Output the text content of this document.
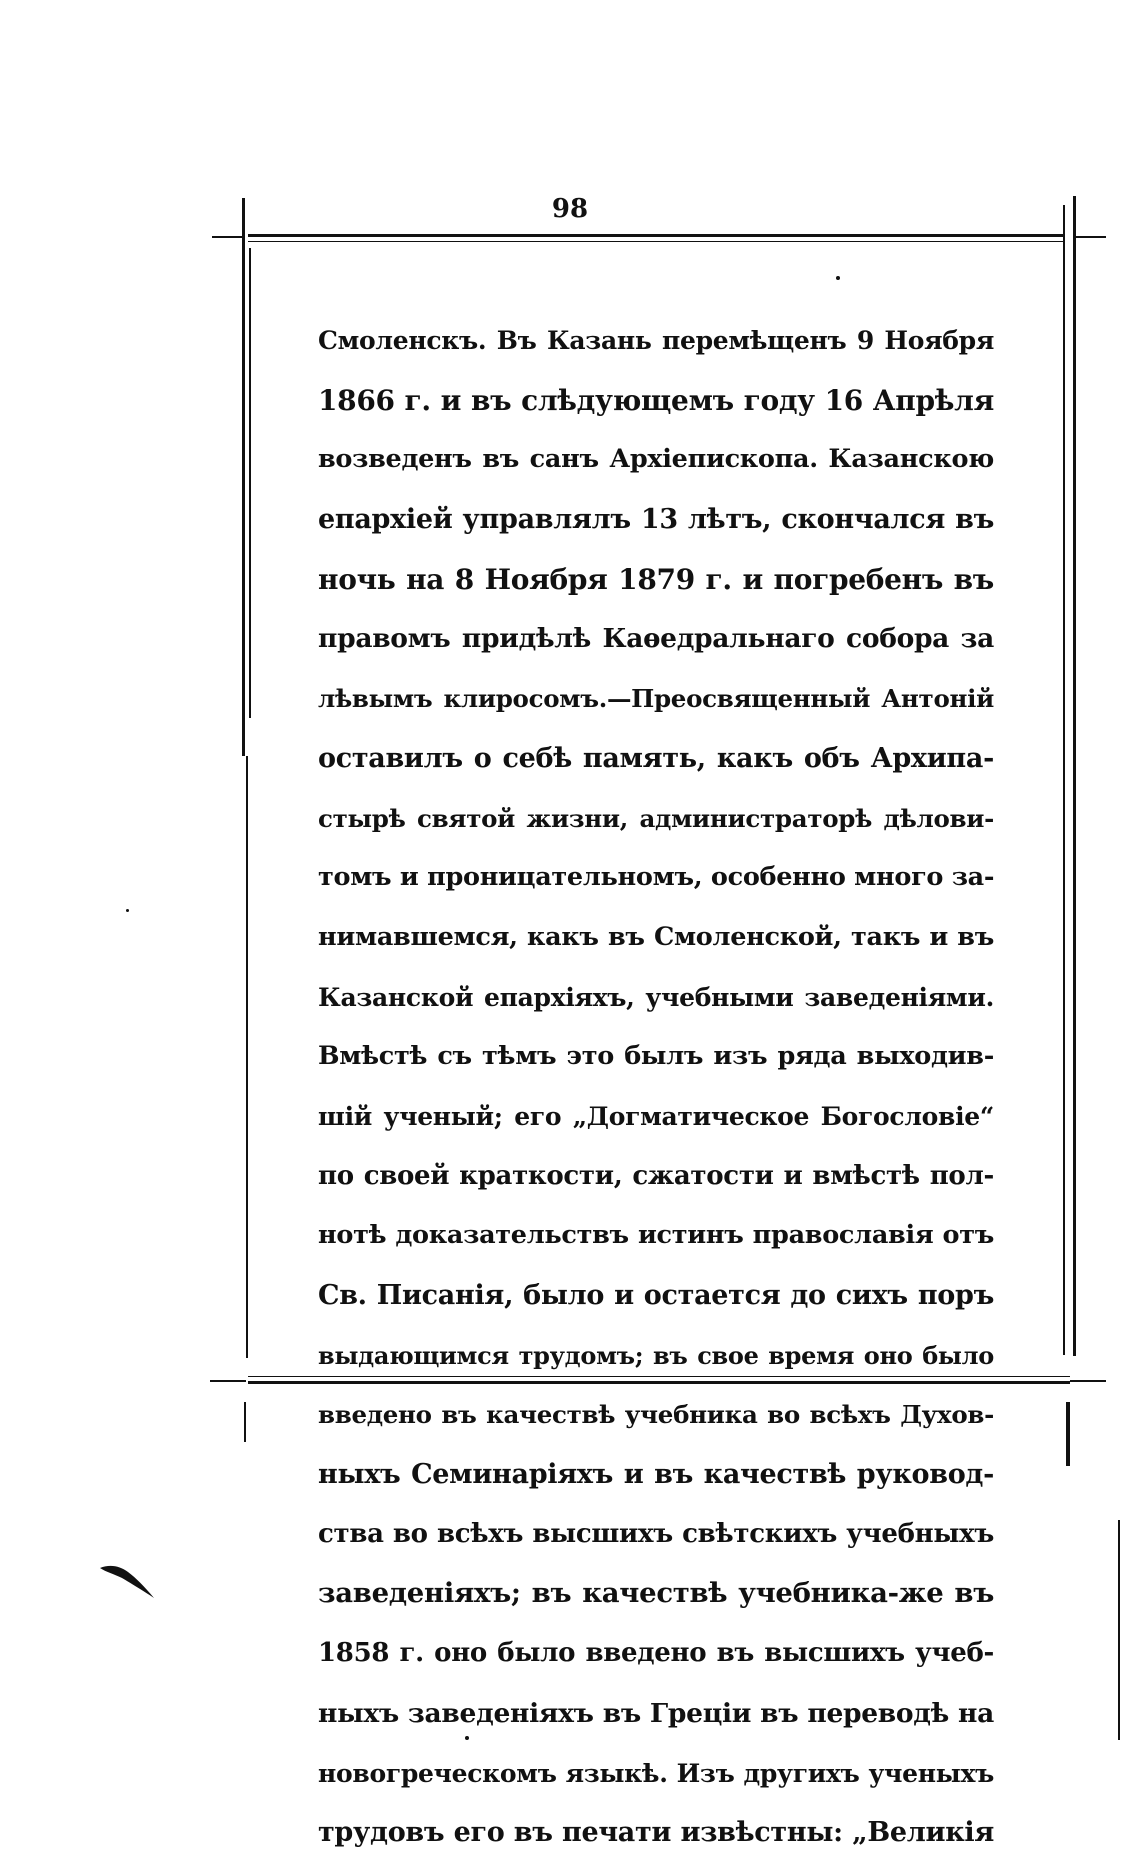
98
Смоленскъ. Въ Казань перемѣщенъ 9 Ноября
1866 г. и въ слѣдующемъ году 16 Апрѣля
возведенъ въ санъ Архіепископа. Казанскою
епархіей управлялъ 13 лѣтъ, скончался въ
ночь на 8 Ноября 1879 г. и погребенъ въ
правомъ придѣлѣ Каѳедральнаго собора за
лѣвымъ клиросомъ.—Преосвященный Антоній
оставилъ о себѣ память, какъ объ Архипа-
стырѣ святой жизни, администраторѣ дѣлови-
томъ и проницательномъ, особенно много за-
нимавшемся, какъ въ Смоленской, такъ и въ
Казанской епархіяхъ, учебными заведеніями.
Вмѣстѣ съ тѣмъ это былъ изъ ряда выходив-
шій ученый; его „Догматическое Богословіе“
по своей краткости, сжатости и вмѣстѣ пол-
нотѣ доказательствъ истинъ православія отъ
Св. Писанія, было и остается до сихъ поръ
выдающимся трудомъ; въ свое время оно было
введено въ качествѣ учебника во всѣхъ Духов-
ныхъ Семинаріяхъ и въ качествѣ руковод-
ства во всѣхъ высшихъ свѣтскихъ учебныхъ
заведеніяхъ; въ качествѣ учебника-же въ
1858 г. оно было введено въ высшихъ учеб-
ныхъ заведеніяхъ въ Греціи въ переводѣ на
новогреческомъ языкѣ. Изъ другихъ ученыхъ
трудовъ его въ печати извѣстны: „Великія
